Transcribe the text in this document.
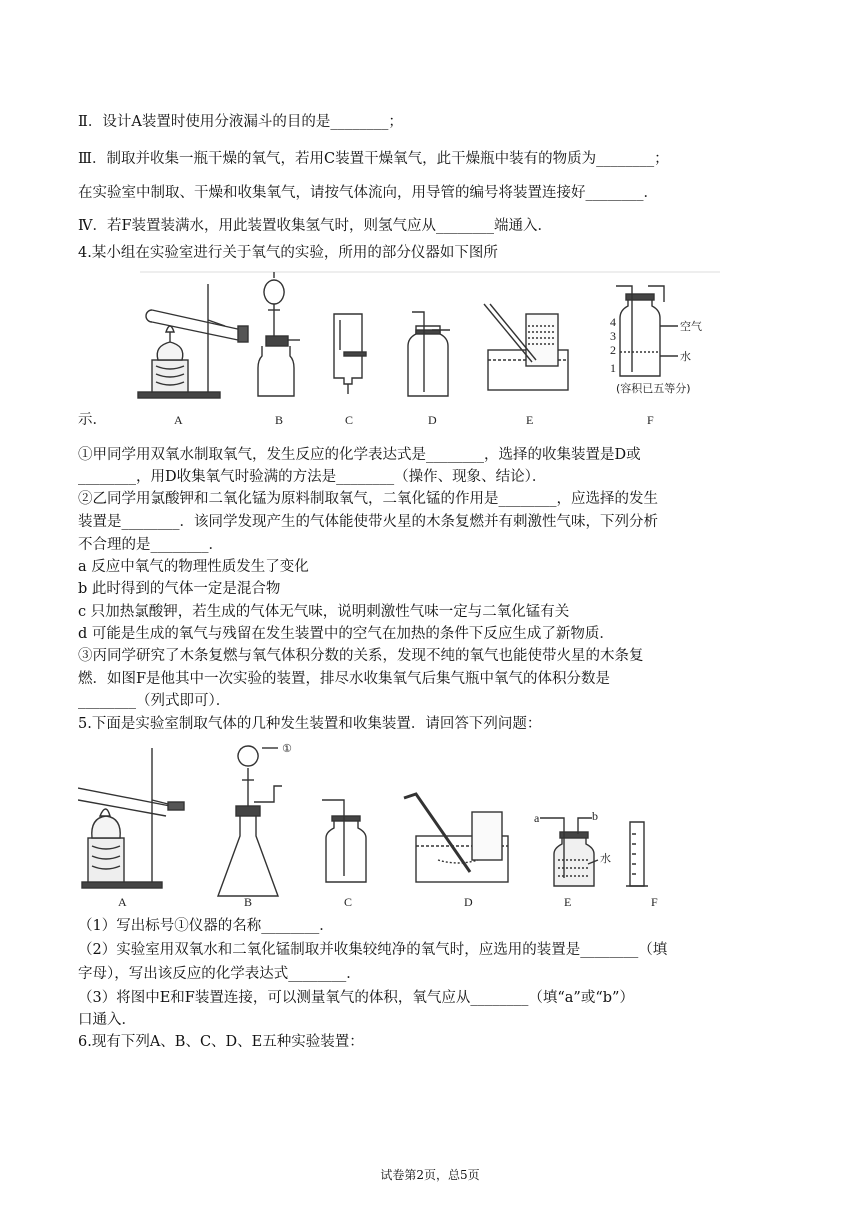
Ⅱ．设计A装置时使用分液漏斗的目的是________；
Ⅲ．制取并收集一瓶干燥的氧气，若用C装置干燥氧气，此干燥瓶中装有的物质为________；
在实验室中制取、干燥和收集氧气，请按气体流向，用导管的编号将装置连接好________．
Ⅳ．若F装置装满水，用此装置收集氢气时，则氢气应从________端通入．
4.某小组在实验室进行关于氧气的实验，所用的部分仪器如下图所
A	B	C	D	E
4
3
2
1
空气
水
(容积已五等分)
F
示．
①甲同学用双氧水制取氧气，发生反应的化学表达式是________，选择的收集装置是D或
________，用D收集氧气时验满的方法是________（操作、现象、结论）．
②乙同学用氯酸钾和二氧化锰为原料制取氧气，二氧化锰的作用是________，应选择的发生
装置是________．该同学发现产生的气体能使带火星的木条复燃并有刺激性气味，下列分析
不合理的是________．
a 反应中氧气的物理性质发生了变化
b 此时得到的气体一定是混合物
c 只加热氯酸钾，若生成的气体无气味，说明刺激性气味一定与二氧化锰有关
d 可能是生成的氧气与残留在发生装置中的空气在加热的条件下反应生成了新物质．
③丙同学研究了木条复燃与氧气体积分数的关系，发现不纯的氧气也能使带火星的木条复
燃．如图F是他其中一次实验的装置，排尽水收集氧气后集气瓶中氧气的体积分数是
________（列式即可）．
5.下面是实验室制取气体的几种发生装置和收集装置．请回答下列问题：
A
①
B	C	D
a	b
水
E	F
（1）写出标号①仪器的名称________．
（2）实验室用双氧水和二氧化锰制取并收集较纯净的氧气时，应选用的装置是________（填
字母），写出该反应的化学表达式________．
（3）将图中E和F装置连接，可以测量氧气的体积，氧气应从________（填“a”或“b”）
口通入．
6.现有下列A、B、C、D、E五种实验装置：
试卷第2页，总5页
